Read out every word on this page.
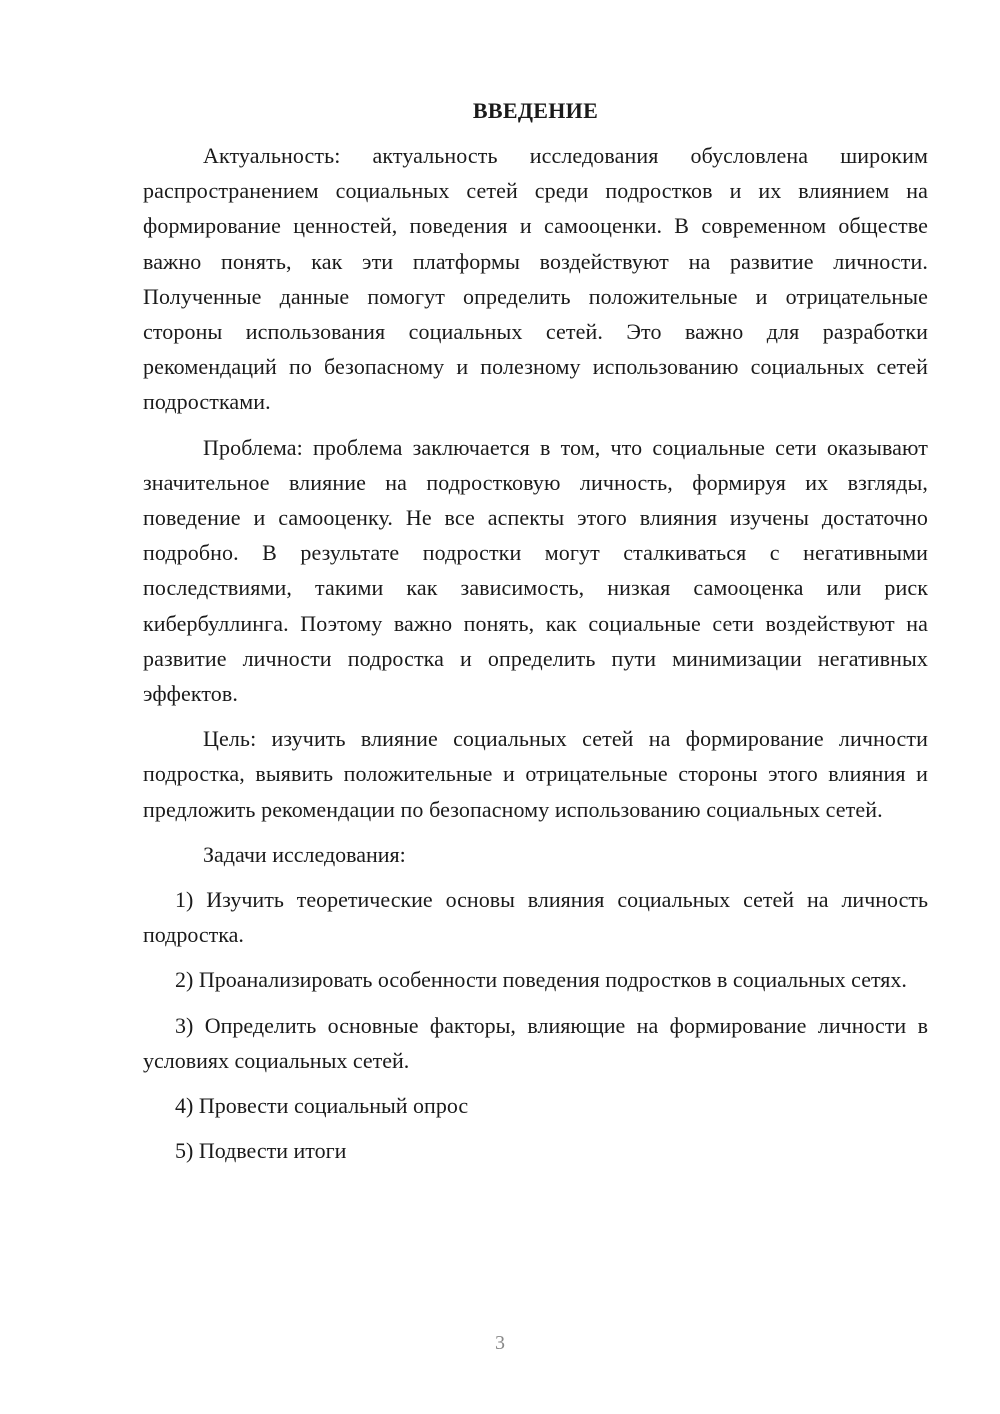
ВВЕДЕНИЕ

Актуальность: актуальность исследования обусловлена широким распространением социальных сетей среди подростков и их влиянием на формирование ценностей, поведения и самооценки. В современном обществе важно понять, как эти платформы воздействуют на развитие личности. Полученные данные помогут определить положительные и отрицательные стороны использования социальных сетей. Это важно для разработки рекомендаций по безопасному и полезному использованию социальных сетей подростками.

Проблема: проблема заключается в том, что социальные сети оказывают значительное влияние на подростковую личность, формируя их взгляды, поведение и самооценку. Не все аспекты этого влияния изучены достаточно подробно. В результате подростки могут сталкиваться с негативными последствиями, такими как зависимость, низкая самооценка или риск кибербуллинга. Поэтому важно понять, как социальные сети воздействуют на развитие личности подростка и определить пути минимизации негативных эффектов.

Цель: изучить влияние социальных сетей на формирование личности подростка, выявить положительные и отрицательные стороны этого влияния и предложить рекомендации по безопасному использованию социальных сетей.

Задачи исследования:

1) Изучить теоретические основы влияния социальных сетей на личность подростка.

2) Проанализировать особенности поведения подростков в социальных сетях.

3) Определить основные факторы, влияющие на формирование личности в условиях социальных сетей.

4) Провести социальный опрос

5) Подвести итоги

3
